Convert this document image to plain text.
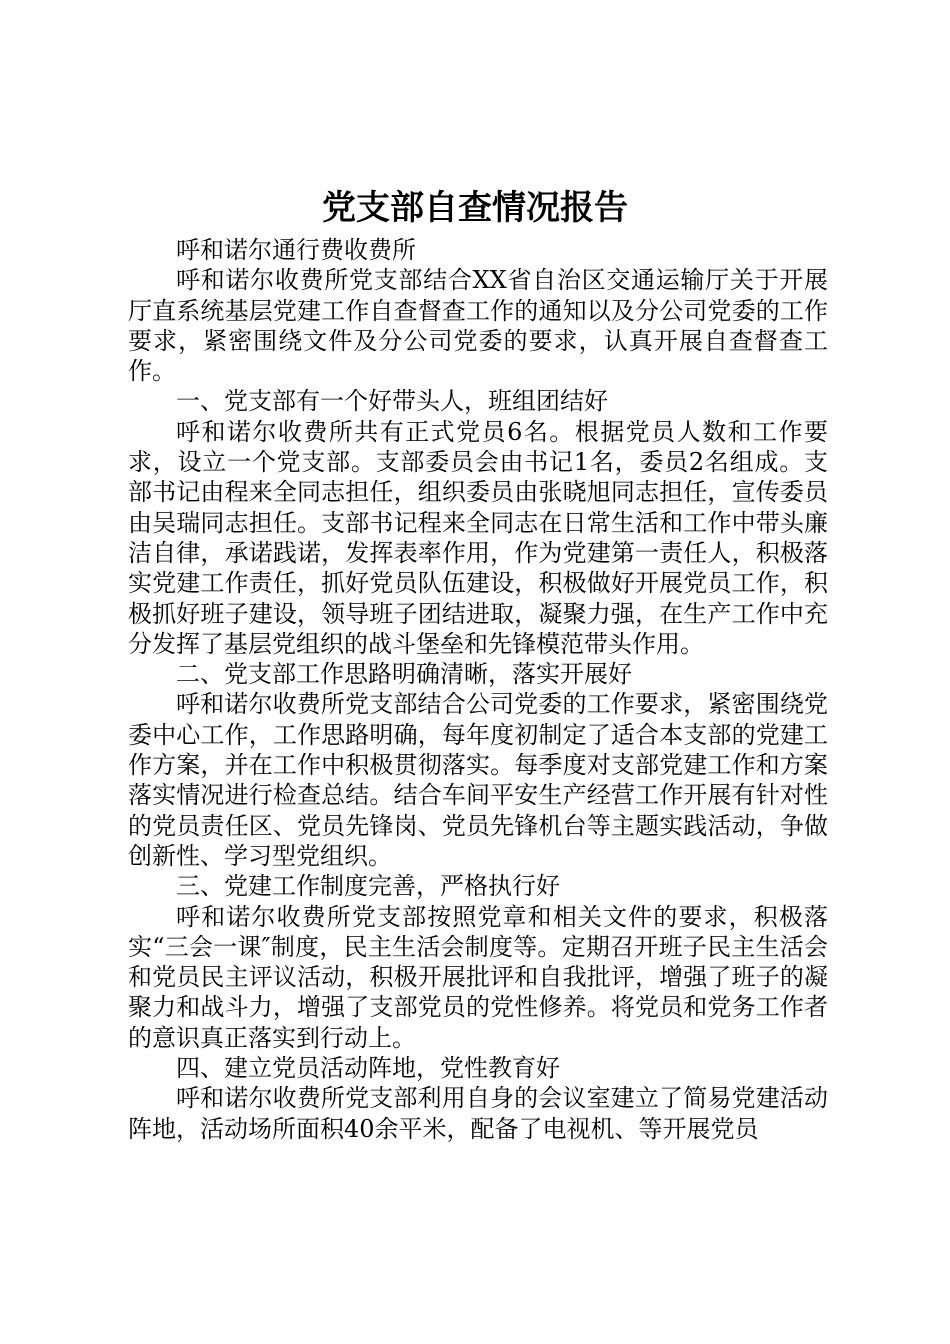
党支部自查情况报告

呼和诺尔通行费收费所

呼和诺尔收费所党支部结合XX省自治区交通运输厅关于开展厅直系统基层党建工作自查督查工作的通知以及分公司党委的工作要求，紧密围绕文件及分公司党委的要求，认真开展自查督查工作。

一、党支部有一个好带头人，班组团结好

呼和诺尔收费所共有正式党员6名。根据党员人数和工作要求，设立一个党支部。支部委员会由书记1名，委员2名组成。支部书记由程来全同志担任，组织委员由张晓旭同志担任，宣传委员由吴瑞同志担任。支部书记程来全同志在日常生活和工作中带头廉洁自律，承诺践诺，发挥表率作用，作为党建第一责任人，积极落实党建工作责任，抓好党员队伍建设，积极做好开展党员工作，积极抓好班子建设，领导班子团结进取，凝聚力强，在生产工作中充分发挥了基层党组织的战斗堡垒和先锋模范带头作用。

二、党支部工作思路明确清晰，落实开展好

呼和诺尔收费所党支部结合公司党委的工作要求，紧密围绕党委中心工作，工作思路明确，每年度初制定了适合本支部的党建工作方案，并在工作中积极贯彻落实。每季度对支部党建工作和方案落实情况进行检查总结。结合车间平安生产经营工作开展有针对性的党员责任区、党员先锋岗、党员先锋机台等主题实践活动，争做创新性、学习型党组织。

三、党建工作制度完善，严格执行好

呼和诺尔收费所党支部按照党章和相关文件的要求，积极落实“三会一课″制度，民主生活会制度等。定期召开班子民主生活会和党员民主评议活动，积极开展批评和自我批评，增强了班子的凝聚力和战斗力，增强了支部党员的党性修养。将党员和党务工作者的意识真正落实到行动上。

四、建立党员活动阵地，党性教育好

呼和诺尔收费所党支部利用自身的会议室建立了简易党建活动阵地，活动场所面积40余平米，配备了电视机、等开展党员
